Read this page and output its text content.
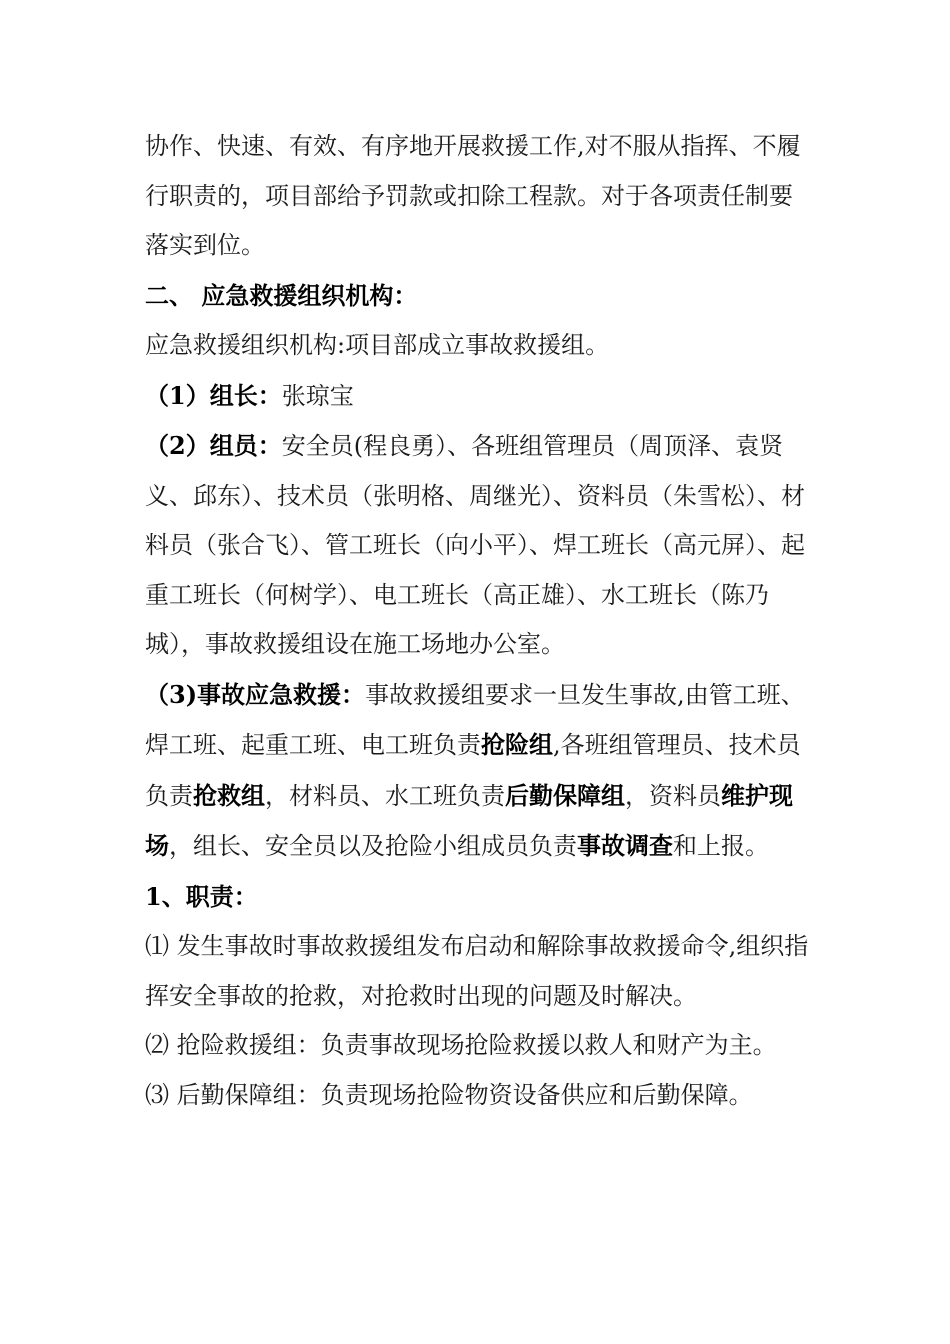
协作、快速、有效、有序地开展救援工作,对不服从指挥、不履行职责的，项目部给予罚款或扣除工程款。对于各项责任制要落实到位。

二、 应急救援组织机构：

应急救援组织机构:项目部成立事故救援组。

（1）组长：张琼宝

（2）组员：安全员(程良勇）、各班组管理员（周顶泽、袁贤义、邱东）、技术员（张明格、周继光）、资料员（朱雪松）、材料员（张合飞）、管工班长（向小平）、焊工班长（高元屏）、起重工班长（何树学）、电工班长（高正雄）、水工班长（陈乃城），事故救援组设在施工场地办公室。

（3)事故应急救援：事故救援组要求一旦发生事故,由管工班、焊工班、起重工班、电工班负责抢险组,各班组管理员、技术员负责抢救组，材料员、水工班负责后勤保障组，资料员维护现场，组长、安全员以及抢险小组成员负责事故调查和上报。

1、职责：

⑴ 发生事故时事故救援组发布启动和解除事故救援命令,组织指挥安全事故的抢救，对抢救时出现的问题及时解决。

⑵ 抢险救援组：负责事故现场抢险救援以救人和财产为主。

⑶ 后勤保障组：负责现场抢险物资设备供应和后勤保障。
